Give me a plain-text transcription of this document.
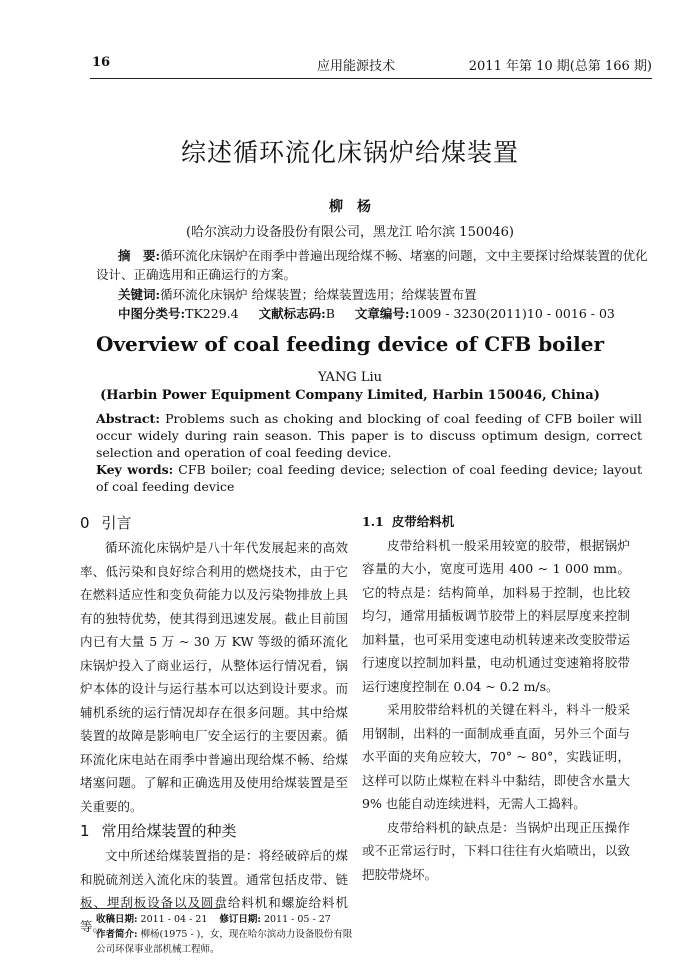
16	应用能源技术	2011 年第 10 期(总第 166 期)
综述循环流化床锅炉给煤装置
柳　杨
(哈尔滨动力设备股份有限公司，黑龙江 哈尔滨 150046)
摘　要:循环流化床锅炉在雨季中普遍出现给煤不畅、堵塞的问题，文中主要探讨给煤装置的优化设计、正确选用和正确运行的方案。
关键词:循环流化床锅炉 给煤装置；给煤装置选用；给煤装置布置
中图分类号:TK229.4 文献标志码:B 文章编号:1009 - 3230(2011)10 - 0016 - 03
Overview of coal feeding device of CFB boiler
YANG Liu
(Harbin Power Equipment Company Limited, Harbin 150046, China)
Abstract: Problems such as choking and blocking of coal feeding of CFB boiler will occur widely during rain season. This paper is to discuss optimum design, correct selection and operation of coal feeding device.
Key words: CFB boiler; coal feeding device; selection of coal feeding device; layout of coal feeding device

0 引言

循环流化床锅炉是八十年代发展起来的高效率、低污染和良好综合利用的燃烧技术，由于它在燃料适应性和变负荷能力以及污染物排放上具有的独特优势，使其得到迅速发展。截止目前国内已有大量 5 万 ~ 30 万 KW 等级的循环流化床锅炉投入了商业运行，从整体运行情况看，锅炉本体的设计与运行基本可以达到设计要求。而辅机系统的运行情况却存在很多问题。其中给煤装置的故障是影响电厂安全运行的主要因素。循环流化床电站在雨季中普遍出现给煤不畅、给煤堵塞问题。了解和正确选用及使用给煤装置是至关重要的。

1 常用给煤装置的种类

文中所述给煤装置指的是：将经破碎后的煤和脱硫剂送入流化床的装置。通常包括皮带、链板、埋刮板设备以及圆盘给料机和螺旋给料机等。

1.1 皮带给料机

皮带给料机一般采用较宽的胶带，根据锅炉容量的大小，宽度可选用 400 ~ 1 000 mm。它的特点是：结构简单，加料易于控制，也比较均匀，通常用插板调节胶带上的料层厚度来控制加料量，也可采用变速电动机转速来改变胶带运行速度以控制加料量，电动机通过变速箱将胶带运行速度控制在 0.04 ~ 0.2 m/s。

采用胶带给料机的关键在料斗，料斗一般采用钢制，出料的一面制成垂直面，另外三个面与水平面的夹角应较大，70° ~ 80°，实践证明，这样可以防止煤粒在料斗中黏结，即使含水量大 9% 也能自动连续进料，无需人工捣料。

皮带给料机的缺点是：当锅炉出现正压操作或不正常运行时，下料口往往有火焰喷出，以致把胶带烧坏。

收稿日期: 2011 - 04 - 21 修订日期: 2011 - 05 - 27
作者简介: 柳杨(1975 - )，女，现在哈尔滨动力设备股份有限公司环保事业部机械工程师。
